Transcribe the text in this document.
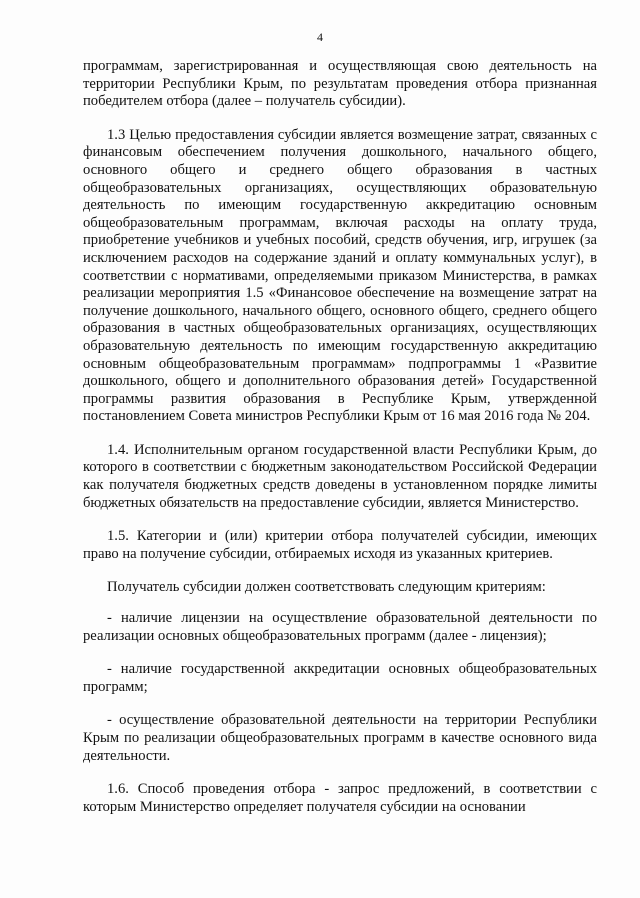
4

программам, зарегистрированная и осуществляющая свою деятельность на территории Республики Крым, по результатам проведения отбора признанная победителем отбора (далее – получатель субсидии).

1.3 Целью предоставления субсидии является возмещение затрат, связанных с финансовым обеспечением получения дошкольного, начального общего, основного общего и среднего общего образования в частных общеобразовательных организациях, осуществляющих образовательную деятельность по имеющим государственную аккредитацию основным общеобразовательным программам, включая расходы на оплату труда, приобретение учебников и учебных пособий, средств обучения, игр, игрушек (за исключением расходов на содержание зданий и оплату коммунальных услуг), в соответствии с нормативами, определяемыми приказом Министерства, в рамках реализации мероприятия 1.5 «Финансовое обеспечение на возмещение затрат на получение дошкольного, начального общего, основного общего, среднего общего образования в частных общеобразовательных организациях, осуществляющих образовательную деятельность по имеющим государственную аккредитацию основным общеобразовательным программам» подпрограммы 1 «Развитие дошкольного, общего и дополнительного образования детей» Государственной программы развития образования в Республике Крым, утвержденной постановлением Совета министров Республики Крым от 16 мая 2016 года № 204.

1.4. Исполнительным органом государственной власти Республики Крым, до которого в соответствии с бюджетным законодательством Российской Федерации как получателя бюджетных средств доведены в установленном порядке лимиты бюджетных обязательств на предоставление субсидии, является Министерство.

1.5. Категории и (или) критерии отбора получателей субсидии, имеющих право на получение субсидии, отбираемых исходя из указанных критериев.

Получатель субсидии должен соответствовать следующим критериям:

- наличие лицензии на осуществление образовательной деятельности по реализации основных общеобразовательных программ (далее - лицензия);

- наличие государственной аккредитации основных общеобразовательных программ;

- осуществление образовательной деятельности на территории Республики Крым по реализации общеобразовательных программ в качестве основного вида деятельности.

1.6. Способ проведения отбора - запрос предложений, в соответствии с которым Министерство определяет получателя субсидии на основании
